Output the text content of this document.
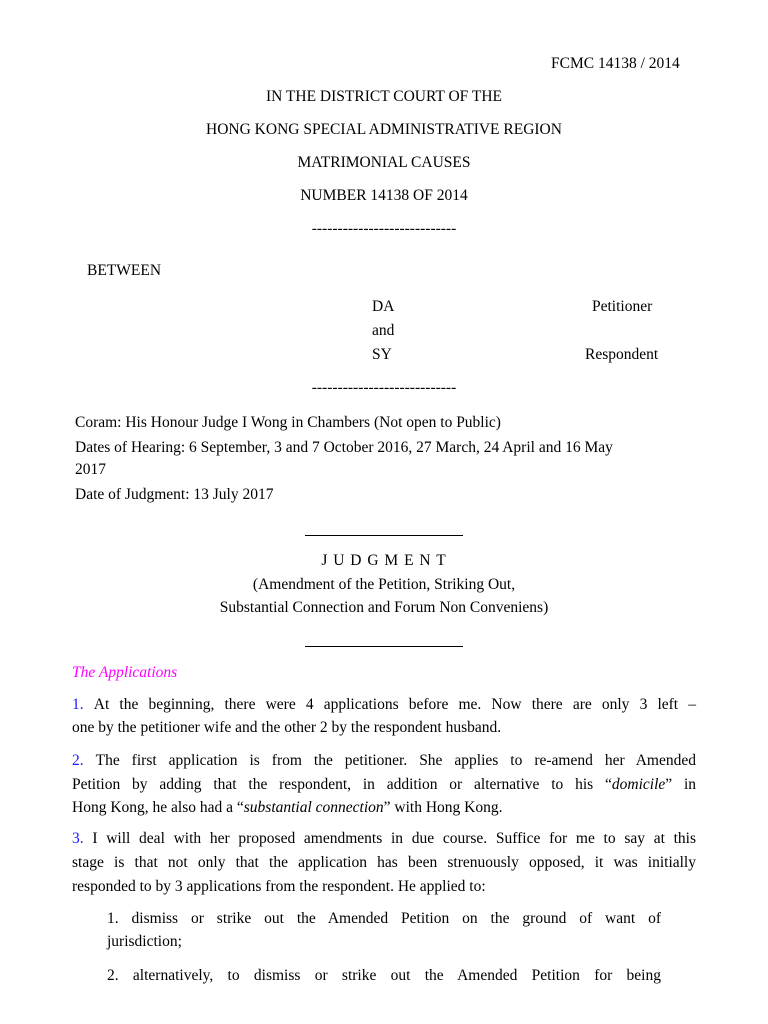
FCMC 14138 / 2014
IN THE DISTRICT COURT OF THE
HONG KONG SPECIAL ADMINISTRATIVE REGION
MATRIMONIAL CAUSES
NUMBER 14138 OF 2014
----------------------------
BETWEEN
DA	Petitioner
and
SY	Respondent
----------------------------
Coram: His Honour Judge I Wong in Chambers (Not open to Public)
Dates of Hearing: 6 September, 3 and 7 October 2016, 27 March, 24 April and 16 May
2017
Date of Judgment: 13 July 2017
J U D G M E N T
(Amendment of the Petition, Striking Out,
Substantial Connection and Forum Non Conveniens)
The Applications
1. At the beginning, there were 4 applications before me. Now there are only 3 left –
one by the petitioner wife and the other 2 by the respondent husband.
2. The first application is from the petitioner. She applies to re-amend her Amended
Petition by adding that the respondent, in addition or alternative to his “domicile” in
Hong Kong, he also had a “substantial connection” with Hong Kong.
3. I will deal with her proposed amendments in due course. Suffice for me to say at this
stage is that not only that the application has been strenuously opposed, it was initially
responded to by 3 applications from the respondent. He applied to:
1. dismiss or strike out the Amended Petition on the ground of want of
jurisdiction;
2. alternatively, to dismiss or strike out the Amended Petition for being
